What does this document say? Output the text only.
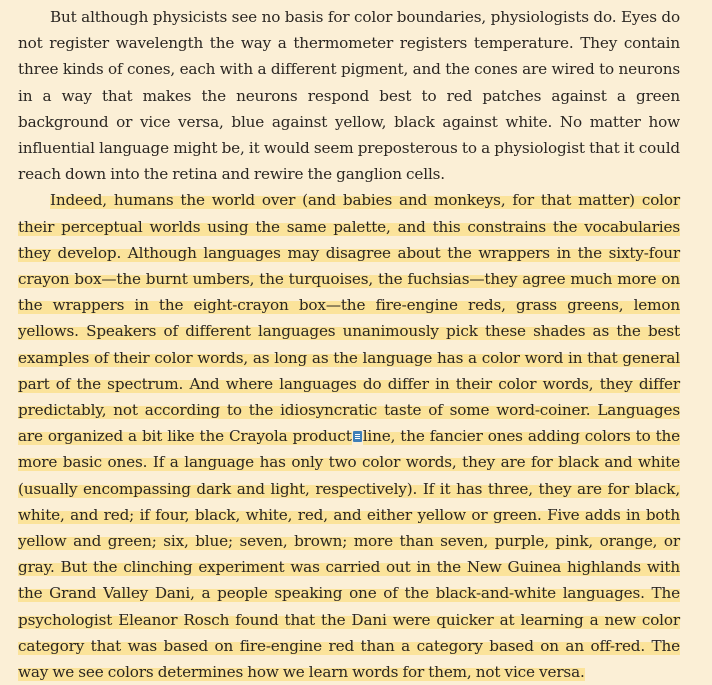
But although physicists see no basis for color boundaries, physiologists do. Eyes do not register wavelength the way a thermometer registers temperature. They contain three kinds of cones, each with a different pigment, and the cones are wired to neurons in a way that makes the neurons respond best to red patches against a green background or vice versa, blue against yellow, black against white. No matter how influential language might be, it would seem preposterous to a physiologist that it could reach down into the retina and rewire the ganglion cells.

Indeed, humans the world over (and babies and monkeys, for that matter) color their perceptual worlds using the same palette, and this constrains the vocabularies they develop. Although languages may disagree about the wrappers in the sixty-four crayon box—the burnt umbers, the turquoises, the fuchsias—they agree much more on the wrappers in the eight-crayon box—the fire-engine reds, grass greens, lemon yellows. Speakers of different languages unanimously pick these shades as the best examples of their color words, as long as the language has a color word in that general part of the spectrum. And where languages do differ in their color words, they differ predictably, not according to the idiosyncratic taste of some word-coiner. Languages are organized a bit like the Crayola product line, the fancier ones adding colors to the more basic ones. If a language has only two color words, they are for black and white (usually encompassing dark and light, respectively). If it has three, they are for black, white, and red; if four, black, white, red, and either yellow or green. Five adds in both yellow and green; six, blue; seven, brown; more than seven, purple, pink, orange, or gray. But the clinching experiment was carried out in the New Guinea highlands with the Grand Valley Dani, a people speaking one of the black-and-white languages. The psychologist Eleanor Rosch found that the Dani were quicker at learning a new color category that was based on fire-engine red than a category based on an off-red. The way we see colors determines how we learn words for them, not vice versa.
